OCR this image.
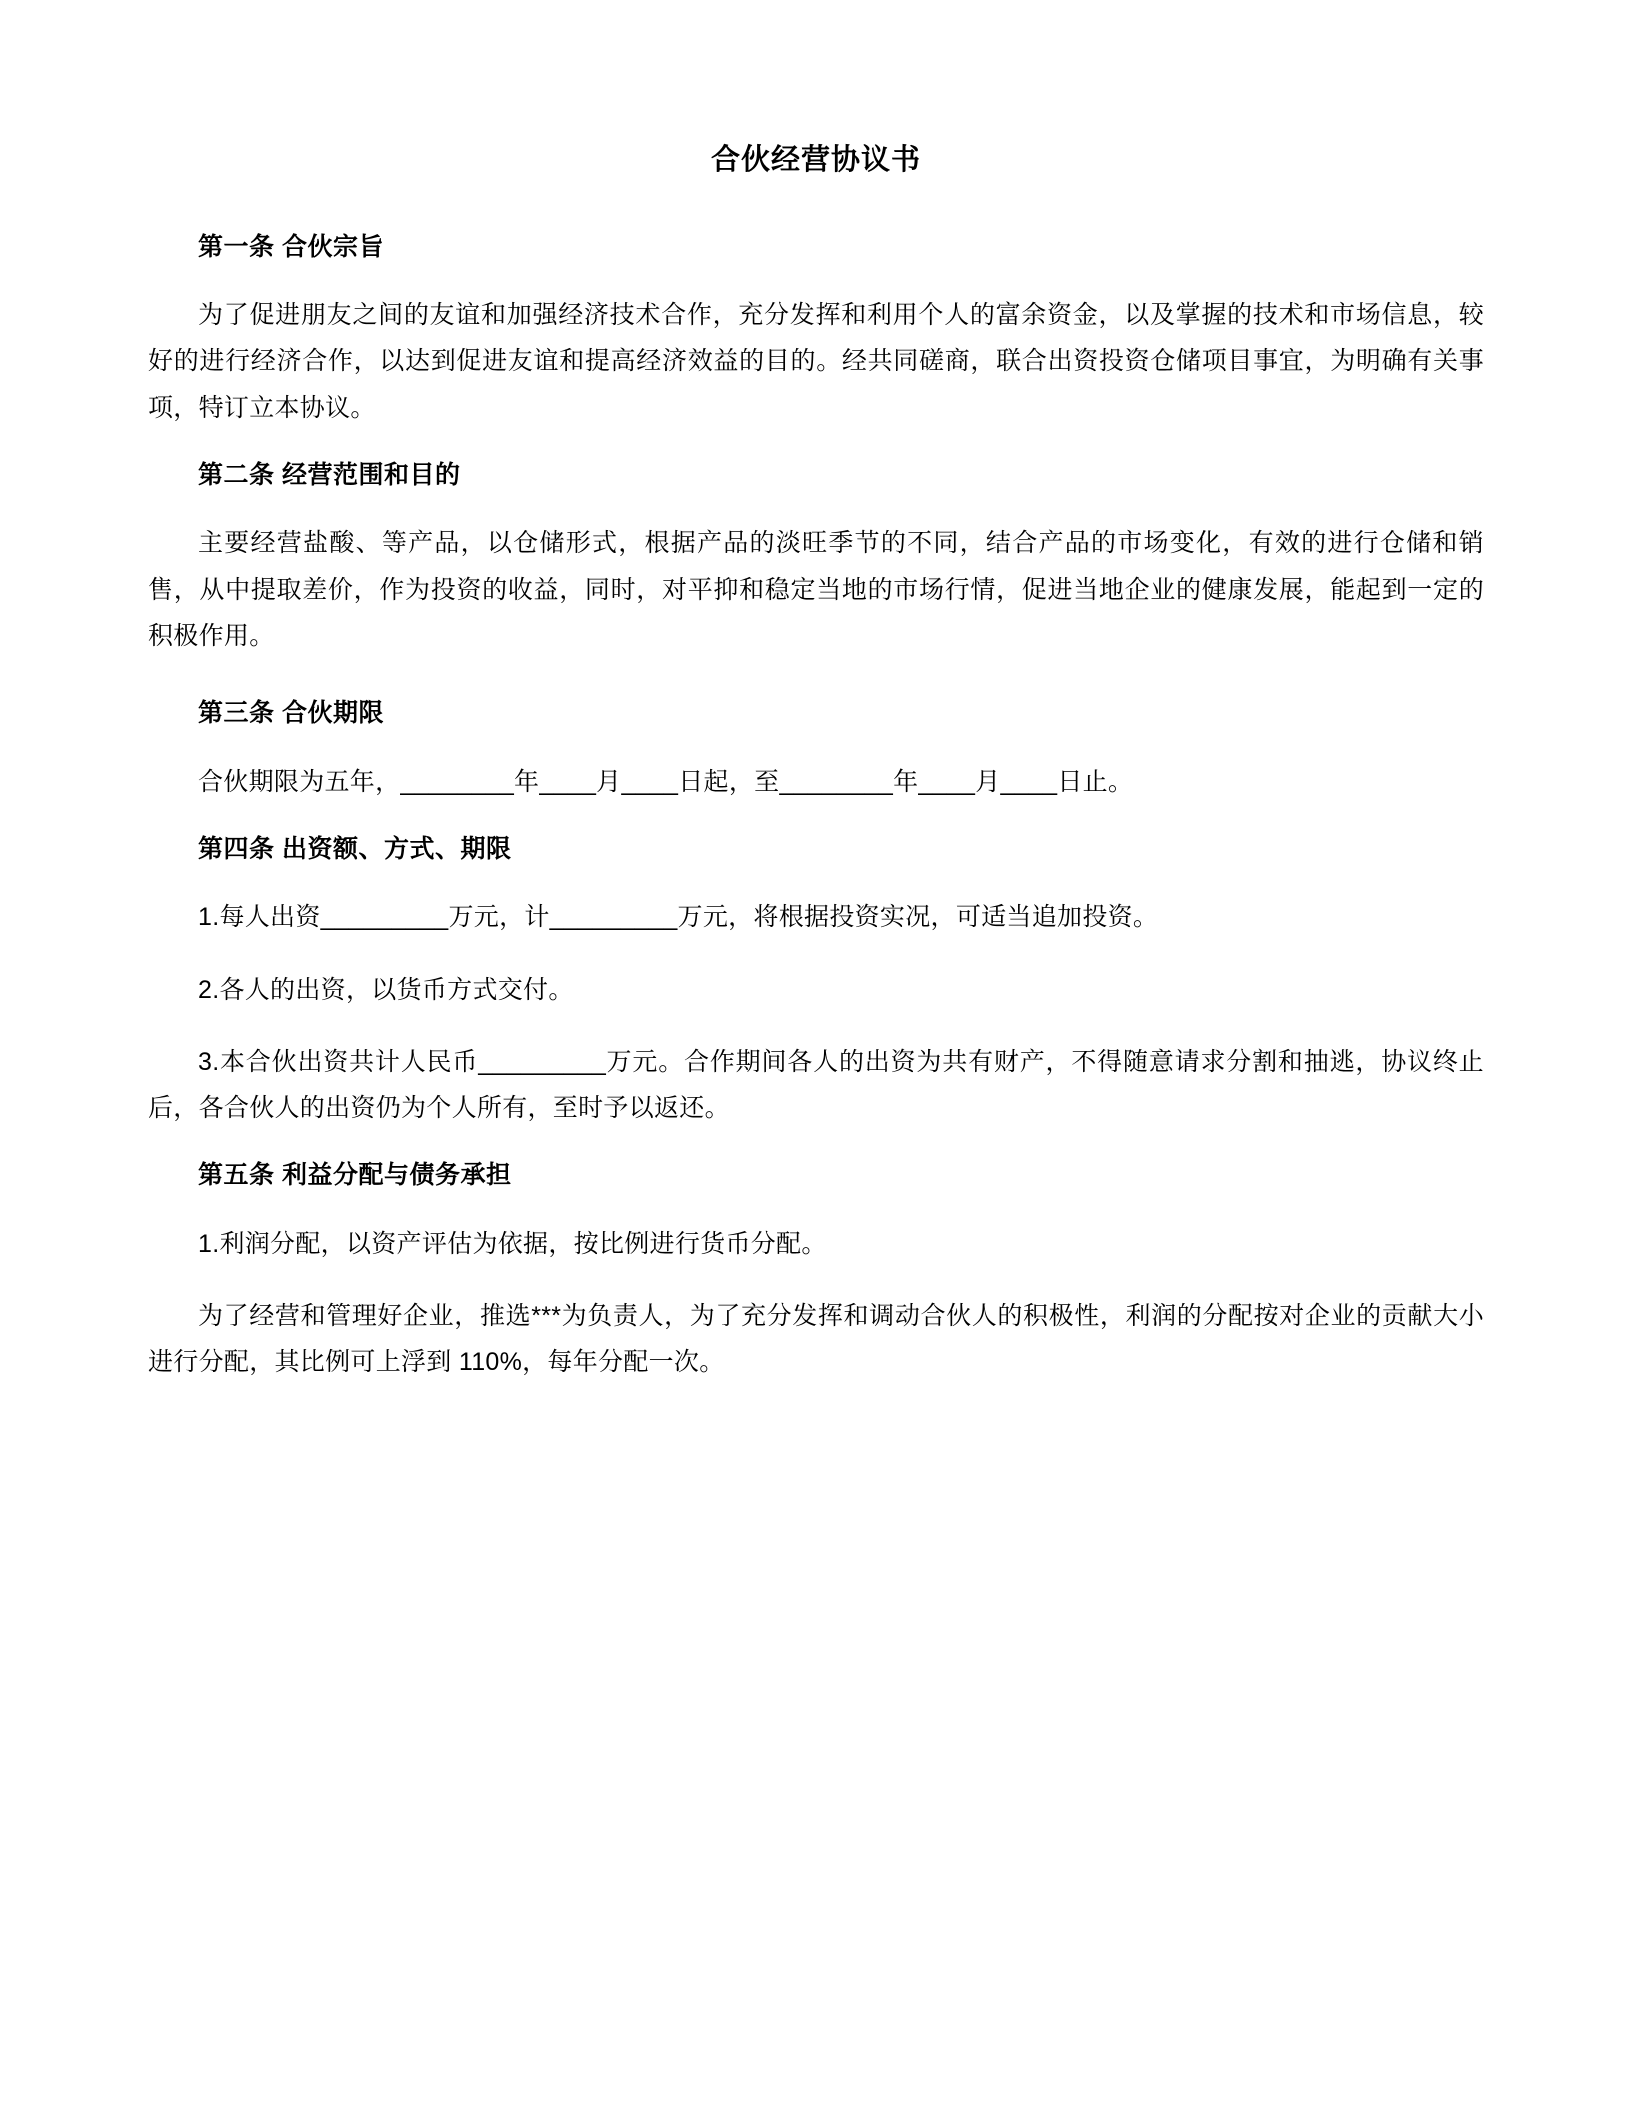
合伙经营协议书
第一条 合伙宗旨

为了促进朋友之间的友谊和加强经济技术合作，充分发挥和利用个人的富余资金，以及掌握的技术和市场信息，较好的进行经济合作，以达到促进友谊和提高经济效益的目的。经共同磋商，联合出资投资仓储项目事宜，为明确有关事项，特订立本协议。

第二条 经营范围和目的

主要经营盐酸、等产品，以仓储形式，根据产品的淡旺季节的不同，结合产品的市场变化，有效的进行仓储和销售，从中提取差价，作为投资的收益，同时，对平抑和稳定当地的市场行情，促进当地企业的健康发展，能起到一定的积极作用。

第三条 合伙期限

合伙期限为五年，________年____月____日起，至________年____月____日止。

第四条 出资额、方式、期限

1.每人出资_________万元，计_________万元，将根据投资实况，可适当追加投资。

2.各人的出资，以货币方式交付。

3.本合伙出资共计人民币_________万元。合作期间各人的出资为共有财产，不得随意请求分割和抽逃，协议终止后，各合伙人的出资仍为个人所有，至时予以返还。

第五条 利益分配与债务承担

1.利润分配，以资产评估为依据，按比例进行货币分配。

为了经营和管理好企业，推选***为负责人，为了充分发挥和调动合伙人的积极性，利润的分配按对企业的贡献大小进行分配，其比例可上浮到 110%，每年分配一次。
